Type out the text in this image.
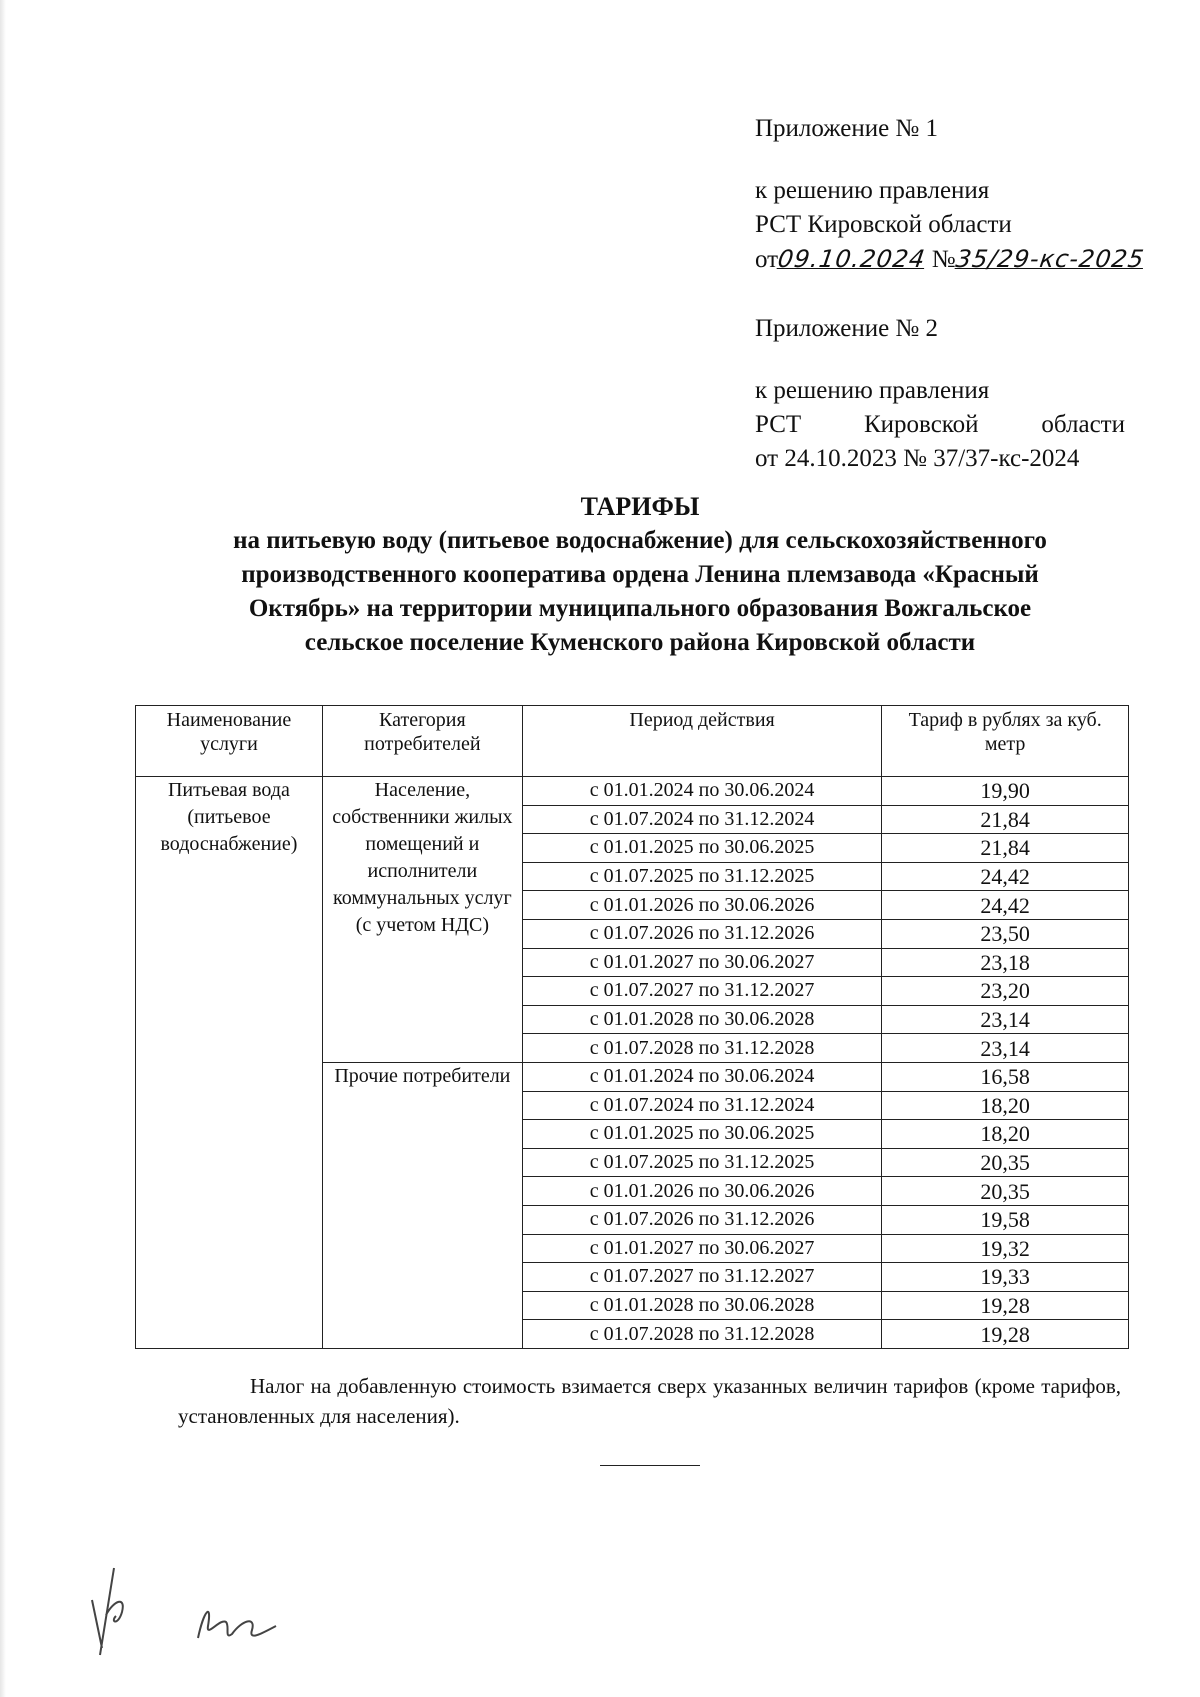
Приложение № 1

к решению правления

РСТ Кировской области

от09.10.2024 №35/29-кс-2025

Приложение № 2

к решению правления

РСТ	Кировской	области

от 24.10.2023 № 37/37-кс-2024

ТАРИФЫ
на питьевую воду (питьевое водоснабжение) для сельскохозяйственного
производственного кооператива ордена Ленина племзавода «Красный
Октябрь» на территории муниципального образования Вожгальское
сельское поселение Куменского района Кировской области
Наименование услуги	Категория потребителей	Период действия	Тариф в рублях за куб. метр
Питьевая вода (питьевое водоснабжение)	Население, собственники жилых помещений и исполнители коммунальных услуг (с учетом НДС)	с 01.01.2024 по 30.06.2024	19,90
		с 01.07.2024 по 31.12.2024	21,84
		с 01.01.2025 по 30.06.2025	21,84
		с 01.07.2025 по 31.12.2025	24,42
		с 01.01.2026 по 30.06.2026	24,42
		с 01.07.2026 по 31.12.2026	23,50
		с 01.01.2027 по 30.06.2027	23,18
		с 01.07.2027 по 31.12.2027	23,20
		с 01.01.2028 по 30.06.2028	23,14
		с 01.07.2028 по 31.12.2028	23,14
	Прочие потребители	с 01.01.2024 по 30.06.2024	16,58
		с 01.07.2024 по 31.12.2024	18,20
		с 01.01.2025 по 30.06.2025	18,20
		с 01.07.2025 по 31.12.2025	20,35
		с 01.01.2026 по 30.06.2026	20,35
		с 01.07.2026 по 31.12.2026	19,58
		с 01.01.2027 по 30.06.2027	19,32
		с 01.07.2027 по 31.12.2027	19,33
		с 01.01.2028 по 30.06.2028	19,28
		с 01.07.2028 по 31.12.2028	19,28

Налог на добавленную стоимость взимается сверх указанных величин тарифов (кроме тарифов, установленных для населения).
